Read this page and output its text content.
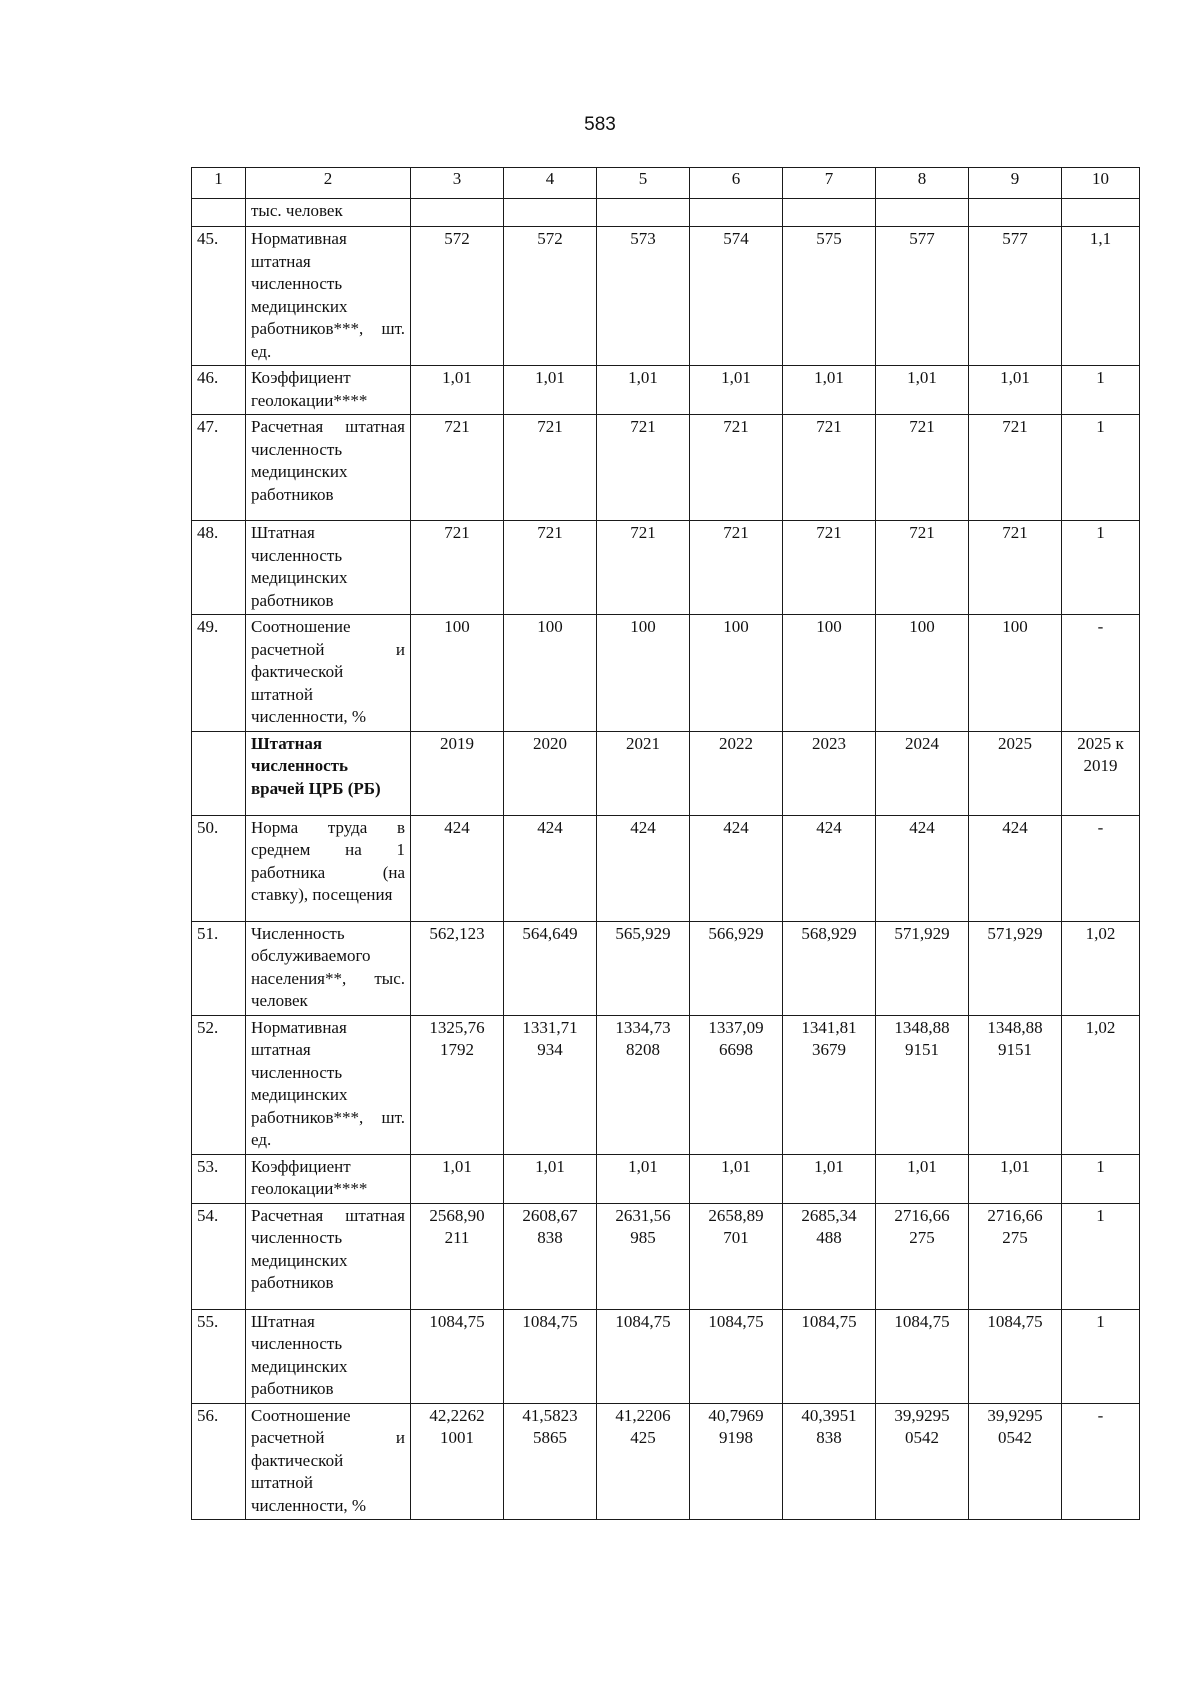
583
1	2	3	4	5	6	7	8	9	10
	тыс. человек								
45.	Нормативная штатная численность медицинских работников***, шт. ед.	572	572	573	574	575	577	577	1,1
46.	Коэффициент геолокации****	1,01	1,01	1,01	1,01	1,01	1,01	1,01	1
47.	Расчетная штатная численность медицинских работников	721	721	721	721	721	721	721	1
48.	Штатная численность медицинских работников	721	721	721	721	721	721	721	1
49.	Соотношение расчетной и фактической штатной численности, %	100	100	100	100	100	100	100	-
	Штатная численность врачей ЦРБ (РБ)	2019	2020	2021	2022	2023	2024	2025	2025 к 2019
50.	Норма труда в среднем на 1 работника (на ставку), посещения	424	424	424	424	424	424	424	-
51.	Численность обслуживаемого населения**, тыс. человек	562,123	564,649	565,929	566,929	568,929	571,929	571,929	1,02
52.	Нормативная штатная численность медицинских работников***, шт. ед.	1325,76 1792	1331,71 934	1334,73 8208	1337,09 6698	1341,81 3679	1348,88 9151	1348,88 9151	1,02
53.	Коэффициент геолокации****	1,01	1,01	1,01	1,01	1,01	1,01	1,01	1
54.	Расчетная штатная численность медицинских работников	2568,90 211	2608,67 838	2631,56 985	2658,89 701	2685,34 488	2716,66 275	2716,66 275	1
55.	Штатная численность медицинских работников	1084,75	1084,75	1084,75	1084,75	1084,75	1084,75	1084,75	1
56.	Соотношение расчетной и фактической штатной численности, %	42,2262 1001	41,5823 5865	41,2206 425	40,7969 9198	40,3951 838	39,9295 0542	39,9295 0542	-
